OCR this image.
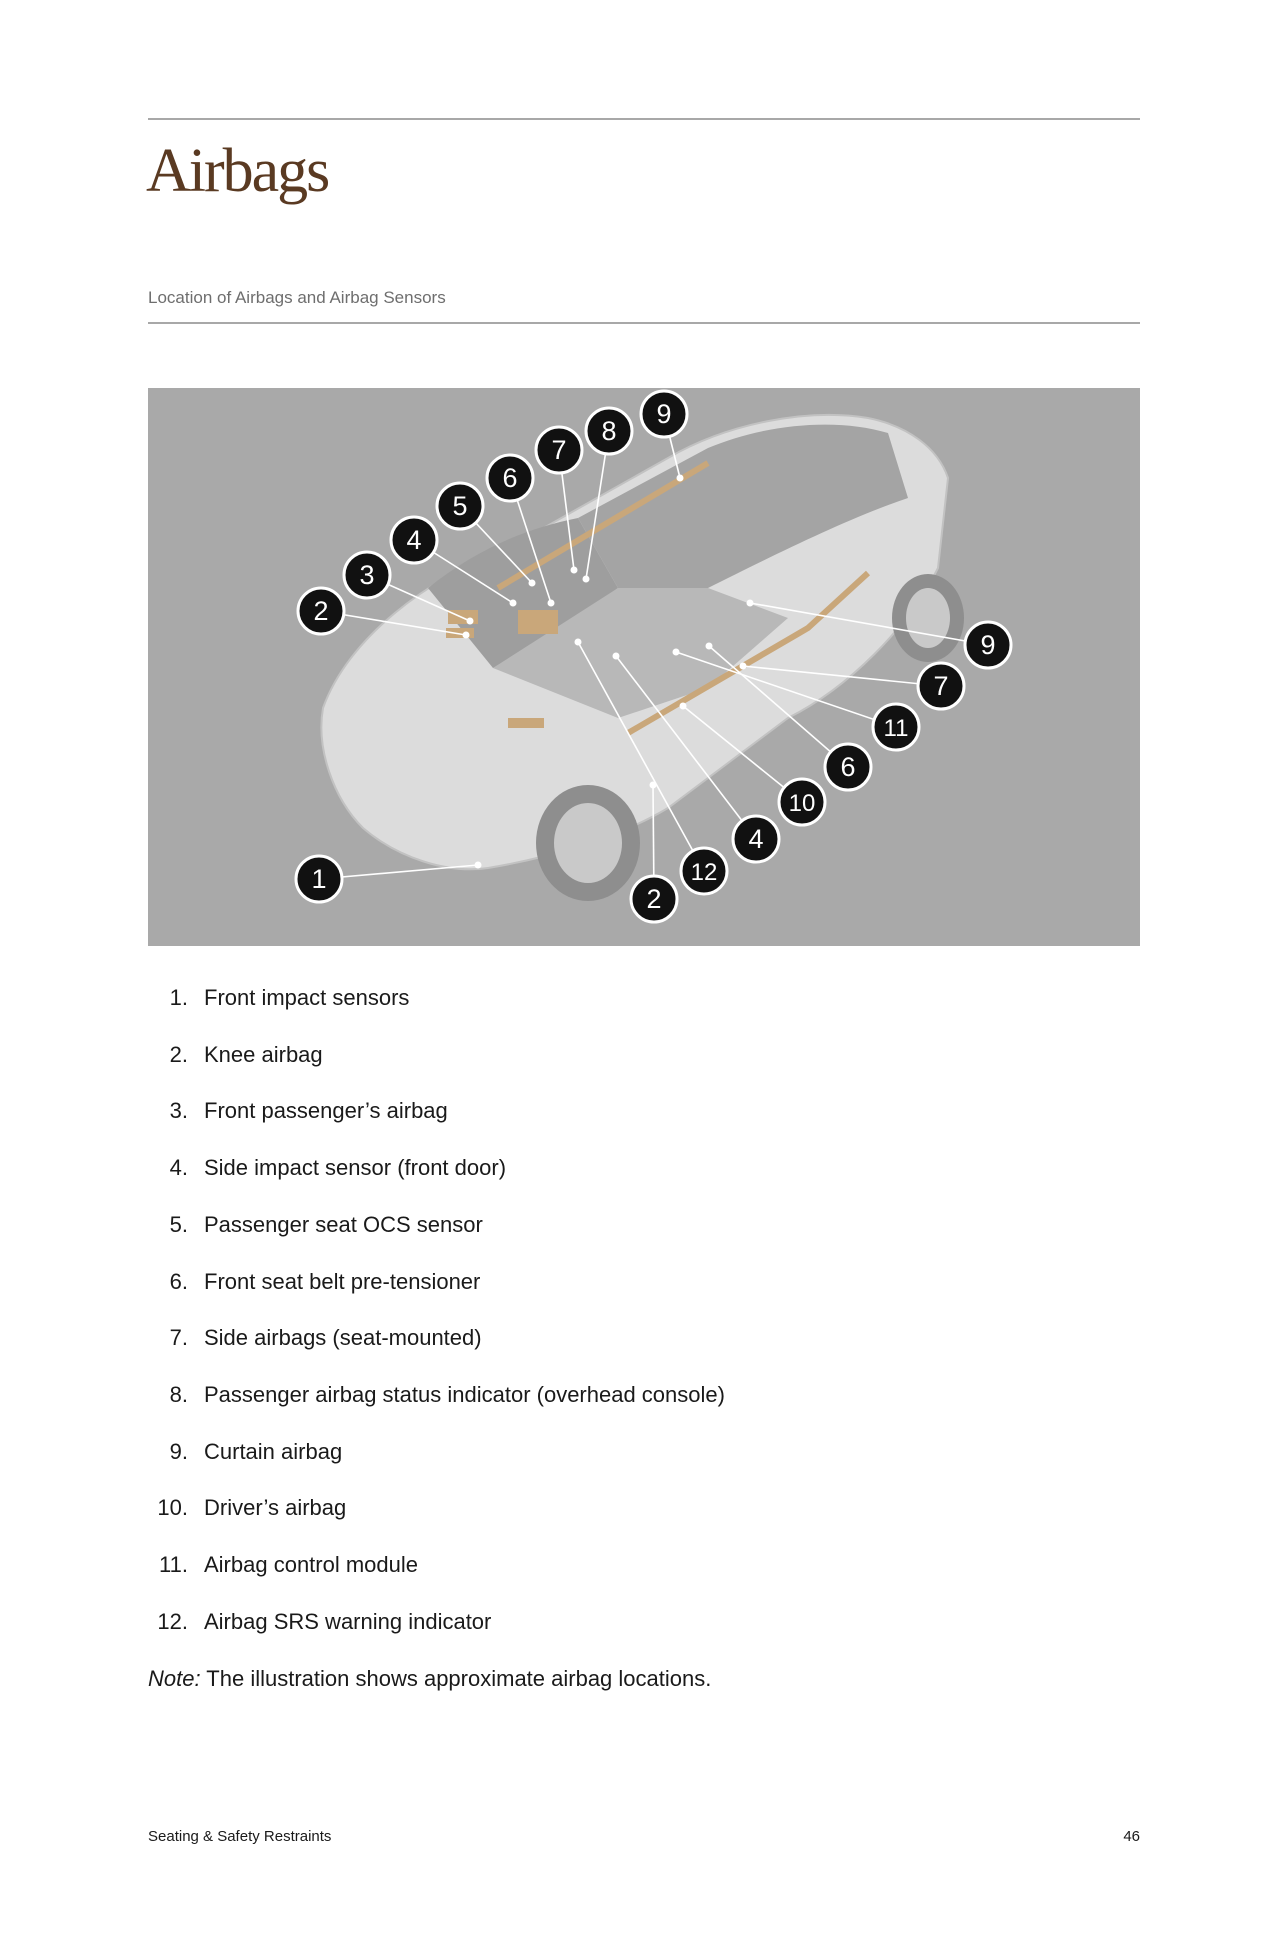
Airbags
Location of Airbags and Airbag Sensors
1
2
3
4
5
6
7
8
9
2
12
4
10
6
11
7
9
1. Front impact sensors
2. Knee airbag
3. Front passenger’s airbag
4. Side impact sensor (front door)
5. Passenger seat OCS sensor
6. Front seat belt pre-tensioner
7. Side airbags (seat-mounted)
8. Passenger airbag status indicator (overhead console)
9. Curtain airbag
10. Driver’s airbag
11. Airbag control module
12. Airbag SRS warning indicator
Note: The illustration shows approximate airbag locations.
Seating & Safety Restraints	46
